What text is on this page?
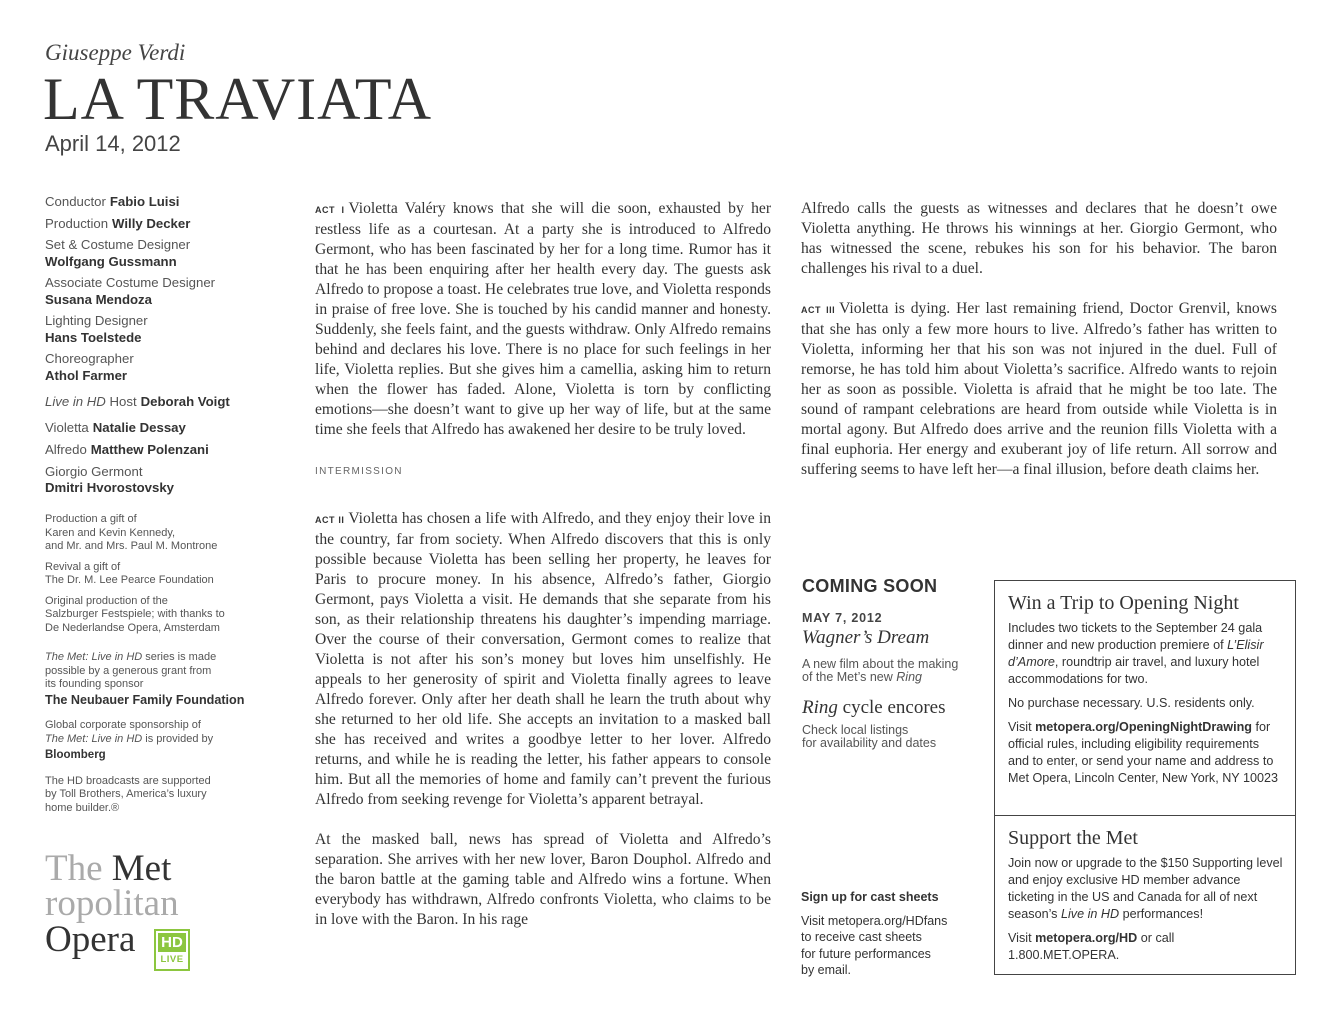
Giuseppe Verdi
LA TRAVIATA
April 14, 2012
Conductor Fabio Luisi
Production Willy Decker
Set & Costume Designer
Wolfgang Gussmann
Associate Costume Designer
Susana Mendoza
Lighting Designer
Hans Toelstede
Choreographer
Athol Farmer
Live in HD Host Deborah Voigt
Violetta Natalie Dessay
Alfredo Matthew Polenzani
Giorgio Germont
Dmitri Hvorostovsky
Production a gift of
Karen and Kevin Kennedy,
and Mr. and Mrs. Paul M. Montrone
Revival a gift of
The Dr. M. Lee Pearce Foundation
Original production of the
Salzburger Festspiele; with thanks to
De Nederlandse Opera, Amsterdam
The Met: Live in HD series is made
possible by a generous grant from
its founding sponsor
The Neubauer Family Foundation
Global corporate sponsorship of
The Met: Live in HD is provided by
Bloomberg
The HD broadcasts are supported
by Toll Brothers, America’s luxury
home builder.®
The Met
ropolitan
Opera	HD
LIVE

ACT I Violetta Valéry knows that she will die soon, exhausted by her restless life as a courtesan. At a party she is introduced to Alfredo Germont, who has been fascinated by her for a long time. Rumor has it that he has been enquiring after her health every day. The guests ask Alfredo to propose a toast. He celebrates true love, and Violetta responds in praise of free love. She is touched by his candid manner and honesty. Suddenly, she feels faint, and the guests withdraw. Only Alfredo remains behind and declares his love. There is no place for such feelings in her life, Violetta replies. But she gives him a camellia, asking him to return when the flower has faded. Alone, Violetta is torn by conflicting emotions—she doesn’t want to give up her way of life, but at the same time she feels that Alfredo has awakened her desire to be truly loved.

INTERMISSION

ACT II Violetta has chosen a life with Alfredo, and they enjoy their love in the country, far from society. When Alfredo discovers that this is only possible because Violetta has been selling her property, he leaves for Paris to procure money. In his absence, Alfredo’s father, Giorgio Germont, pays Violetta a visit. He demands that she separate from his son, as their relationship threatens his daughter’s impending marriage. Over the course of their conversation, Germont comes to realize that Violetta is not after his son’s money but loves him unselfishly. He appeals to her generosity of spirit and Violetta finally agrees to leave Alfredo forever. Only after her death shall he learn the truth about why she returned to her old life. She accepts an invitation to a masked ball she has received and writes a goodbye letter to her lover. Alfredo returns, and while he is reading the letter, his father appears to console him. But all the memories of home and family can’t prevent the furious Alfredo from seeking revenge for Violetta’s apparent betrayal.

At the masked ball, news has spread of Violetta and Alfredo’s separation. She arrives with her new lover, Baron Douphol. Alfredo and the baron battle at the gaming table and Alfredo wins a fortune. When everybody has withdrawn, Alfredo confronts Violetta, who claims to be in love with the Baron. In his rage

Alfredo calls the guests as witnesses and declares that he doesn’t owe Violetta anything. He throws his winnings at her. Giorgio Germont, who has witnessed the scene, rebukes his son for his behavior. The baron challenges his rival to a duel.

ACT III Violetta is dying. Her last remaining friend, Doctor Grenvil, knows that she has only a few more hours to live. Alfredo’s father has written to Violetta, informing her that his son was not injured in the duel. Full of remorse, he has told him about Violetta’s sacrifice. Alfredo wants to rejoin her as soon as possible. Violetta is afraid that he might be too late. The sound of rampant celebrations are heard from outside while Violetta is in mortal agony. But Alfredo does arrive and the reunion fills Violetta with a final euphoria. Her energy and exuberant joy of life return. All sorrow and suffering seems to have left her—a final illusion, before death claims her.

COMING SOON
MAY 7, 2012
Wagner’s Dream
A new film about the making
of the Met’s new Ring
Ring cycle encores
Check local listings
for availability and dates
Sign up for cast sheets
Visit metopera.org/HDfans
to receive cast sheets
for future performances
by email.
Win a Trip to Opening Night

Includes two tickets to the September 24 gala dinner and new production premiere of L’Elisir d’Amore, roundtrip air travel, and luxury hotel accommodations for two.

No purchase necessary. U.S. residents only.

Visit metopera.org/OpeningNightDrawing for official rules, including eligibility requirements and to enter, or send your name and address to Met Opera, Lincoln Center, New York, NY 10023

Support the Met

Join now or upgrade to the $150 Supporting level and enjoy exclusive HD member advance ticketing in the US and Canada for all of next season’s Live in HD performances!

Visit metopera.org/HD or call 1.800.MET.OPERA.
